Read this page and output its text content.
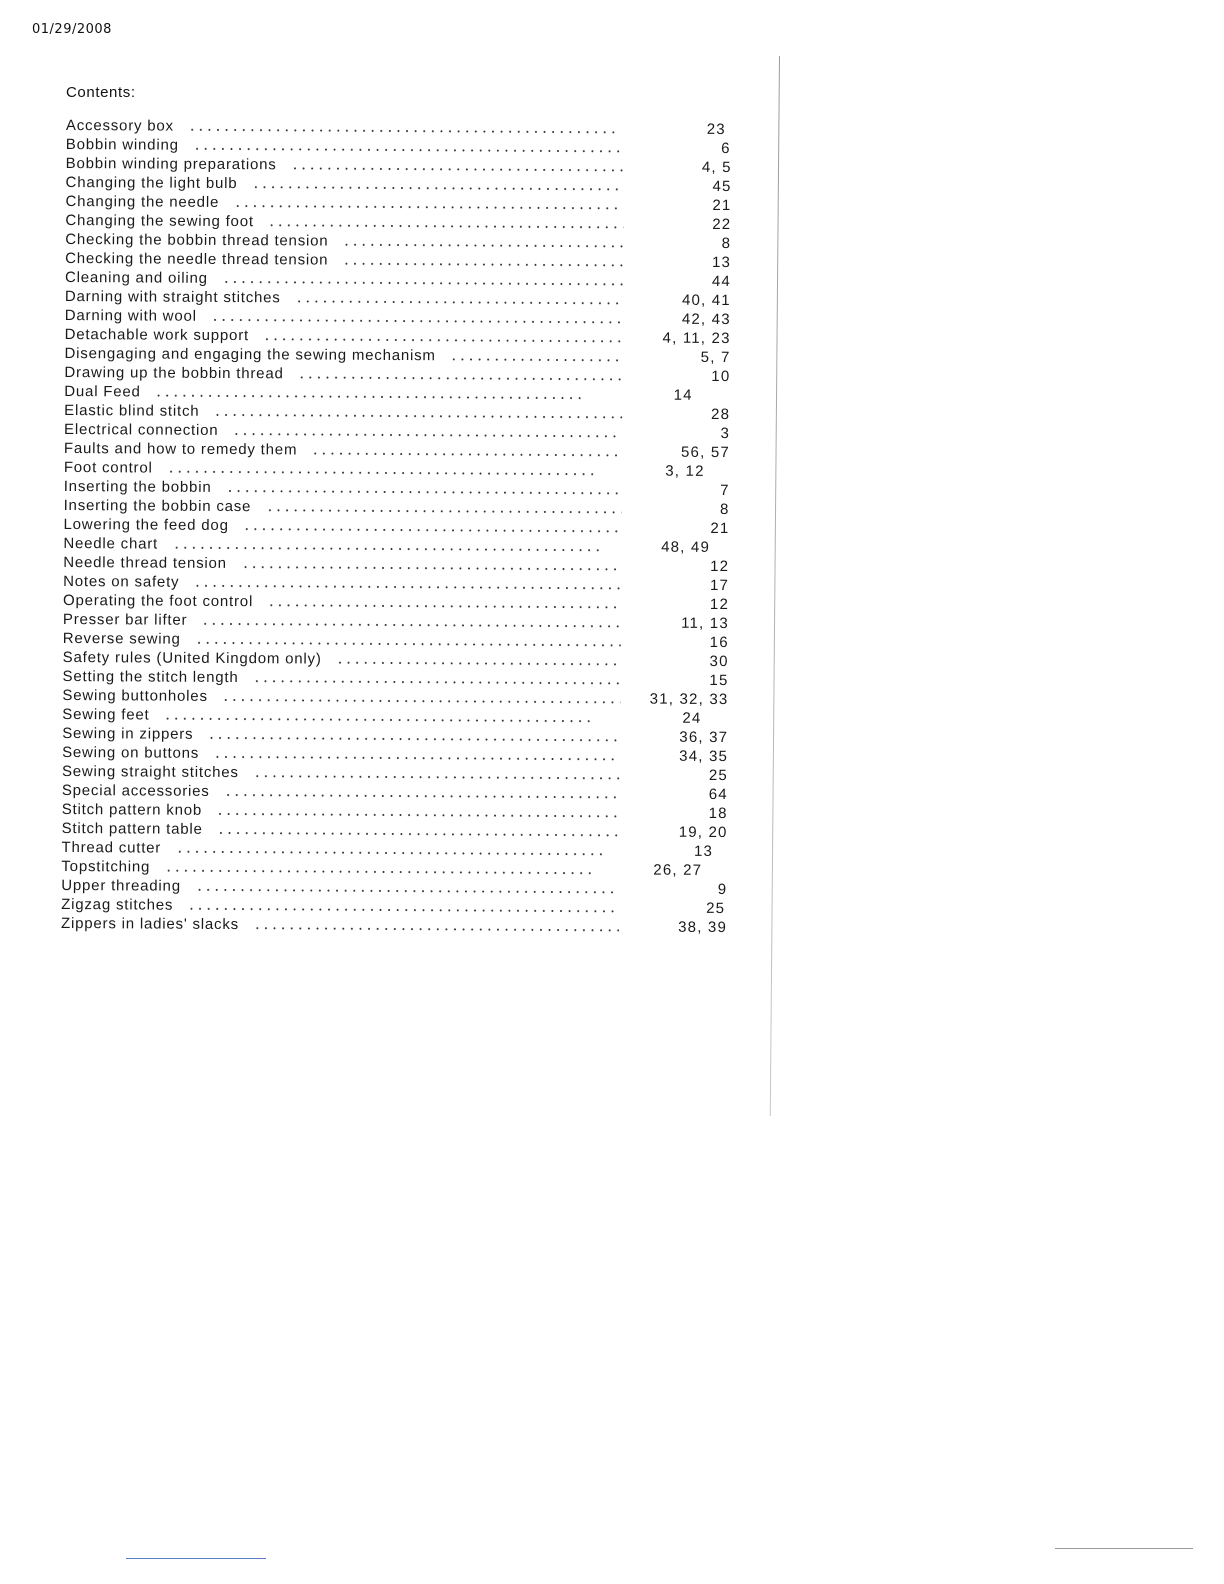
01/29/2008
Contents:
Accessory box	23
Bobbin winding	6
Bobbin winding preparations	4, 5
Changing the light bulb	45
Changing the needle	21
Changing the sewing foot	22
Checking the bobbin thread tension	8
Checking the needle thread tension	13
Cleaning and oiling	44
Darning with straight stitches	40, 41
Darning with wool	42, 43
Detachable work support	4, 11, 23
Disengaging and engaging the sewing mechanism	5, 7
Drawing up the bobbin thread	10
Dual Feed	14
Elastic blind stitch	28
Electrical connection	3
Faults and how to remedy them	56, 57
Foot control	3, 12
Inserting the bobbin	7
Inserting the bobbin case	8
Lowering the feed dog	21
Needle chart	48, 49
Needle thread tension	12
Notes on safety	17
Operating the foot control	12
Presser bar lifter	11, 13
Reverse sewing	16
Safety rules (United Kingdom only)	30
Setting the stitch length	15
Sewing buttonholes	31, 32, 33
Sewing feet	24
Sewing in zippers	36, 37
Sewing on buttons	34, 35
Sewing straight stitches	25
Special accessories	64
Stitch pattern knob	18
Stitch pattern table	19, 20
Thread cutter	13
Topstitching	26, 27
Upper threading	9
Zigzag stitches	25
Zippers in ladies' slacks	38, 39
